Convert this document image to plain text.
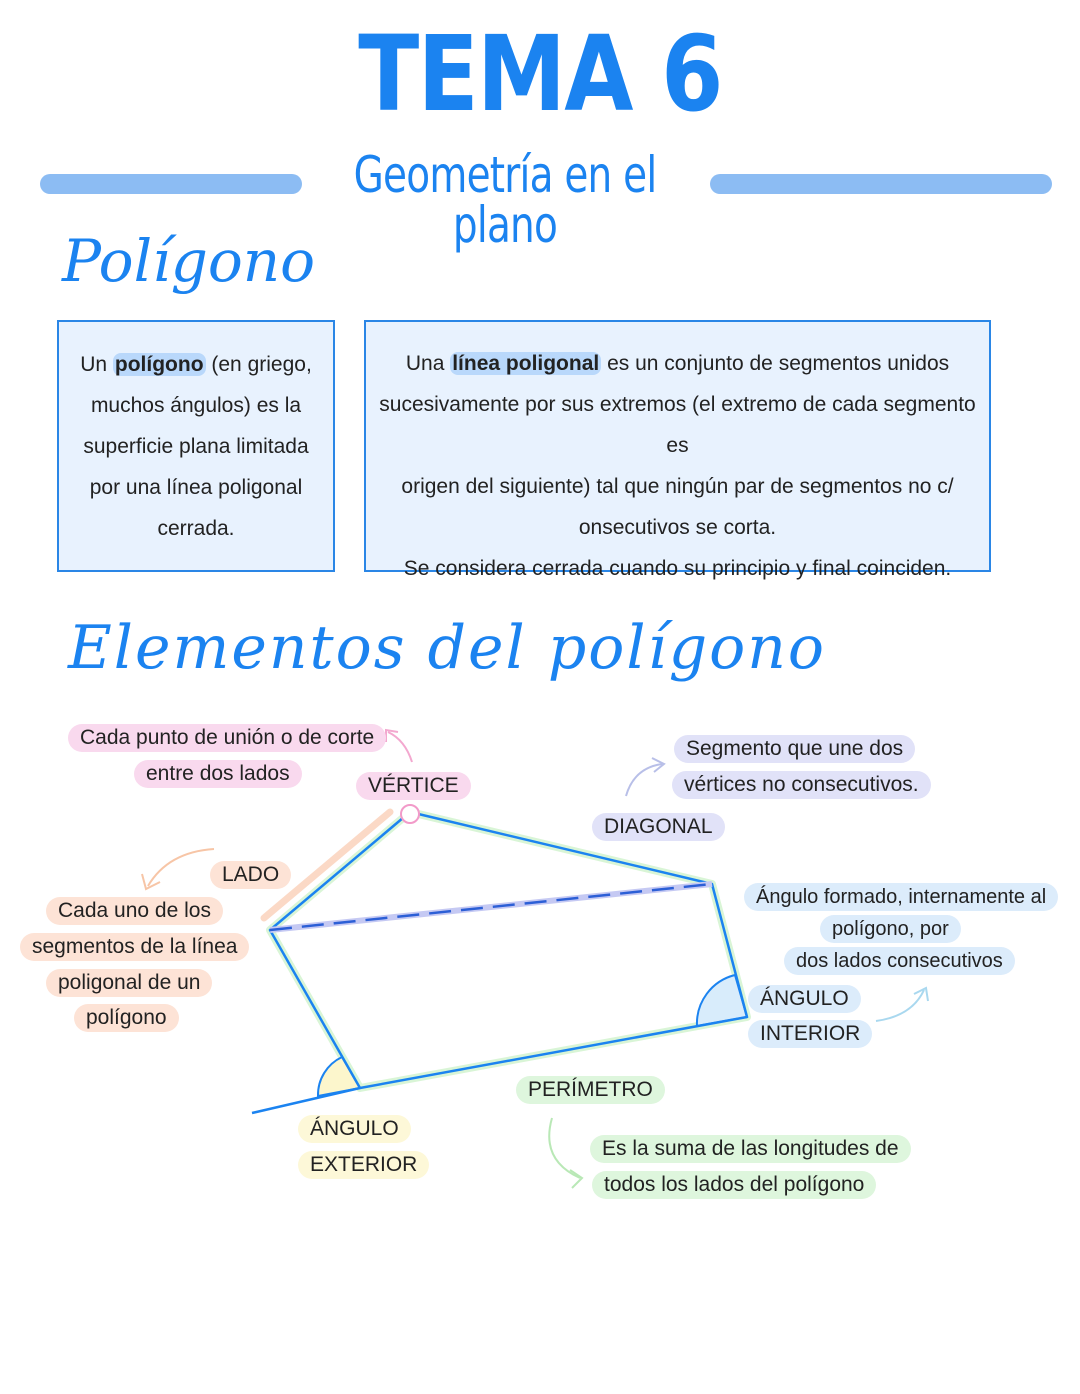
TEMA 6
Geometría en el plano
Polígono

Un polígono (en griego,

muchos ángulos) es la

superficie plana limitada

por una línea poligonal

cerrada.

Una línea poligonal es un conjunto de segmentos unidos

sucesivamente por sus extremos (el extremo de cada segmento es

origen del siguiente) tal que ningún par de segmentos no c/

onsecutivos se corta.

Se considera cerrada cuando su principio y final coinciden.

Elementos del polígono
Cada punto de unión o de corte
entre dos lados
VÉRTICE
Segmento que une dos
vértices no consecutivos.
DIAGONAL
LADO
Cada uno de los
segmentos de la línea
poligonal de un
polígono
Ángulo formado, internamente al
polígono, por
dos lados consecutivos
ÁNGULO
INTERIOR
ÁNGULO
EXTERIOR
PERÍMETRO
Es la suma de las longitudes de
todos los lados del polígono
